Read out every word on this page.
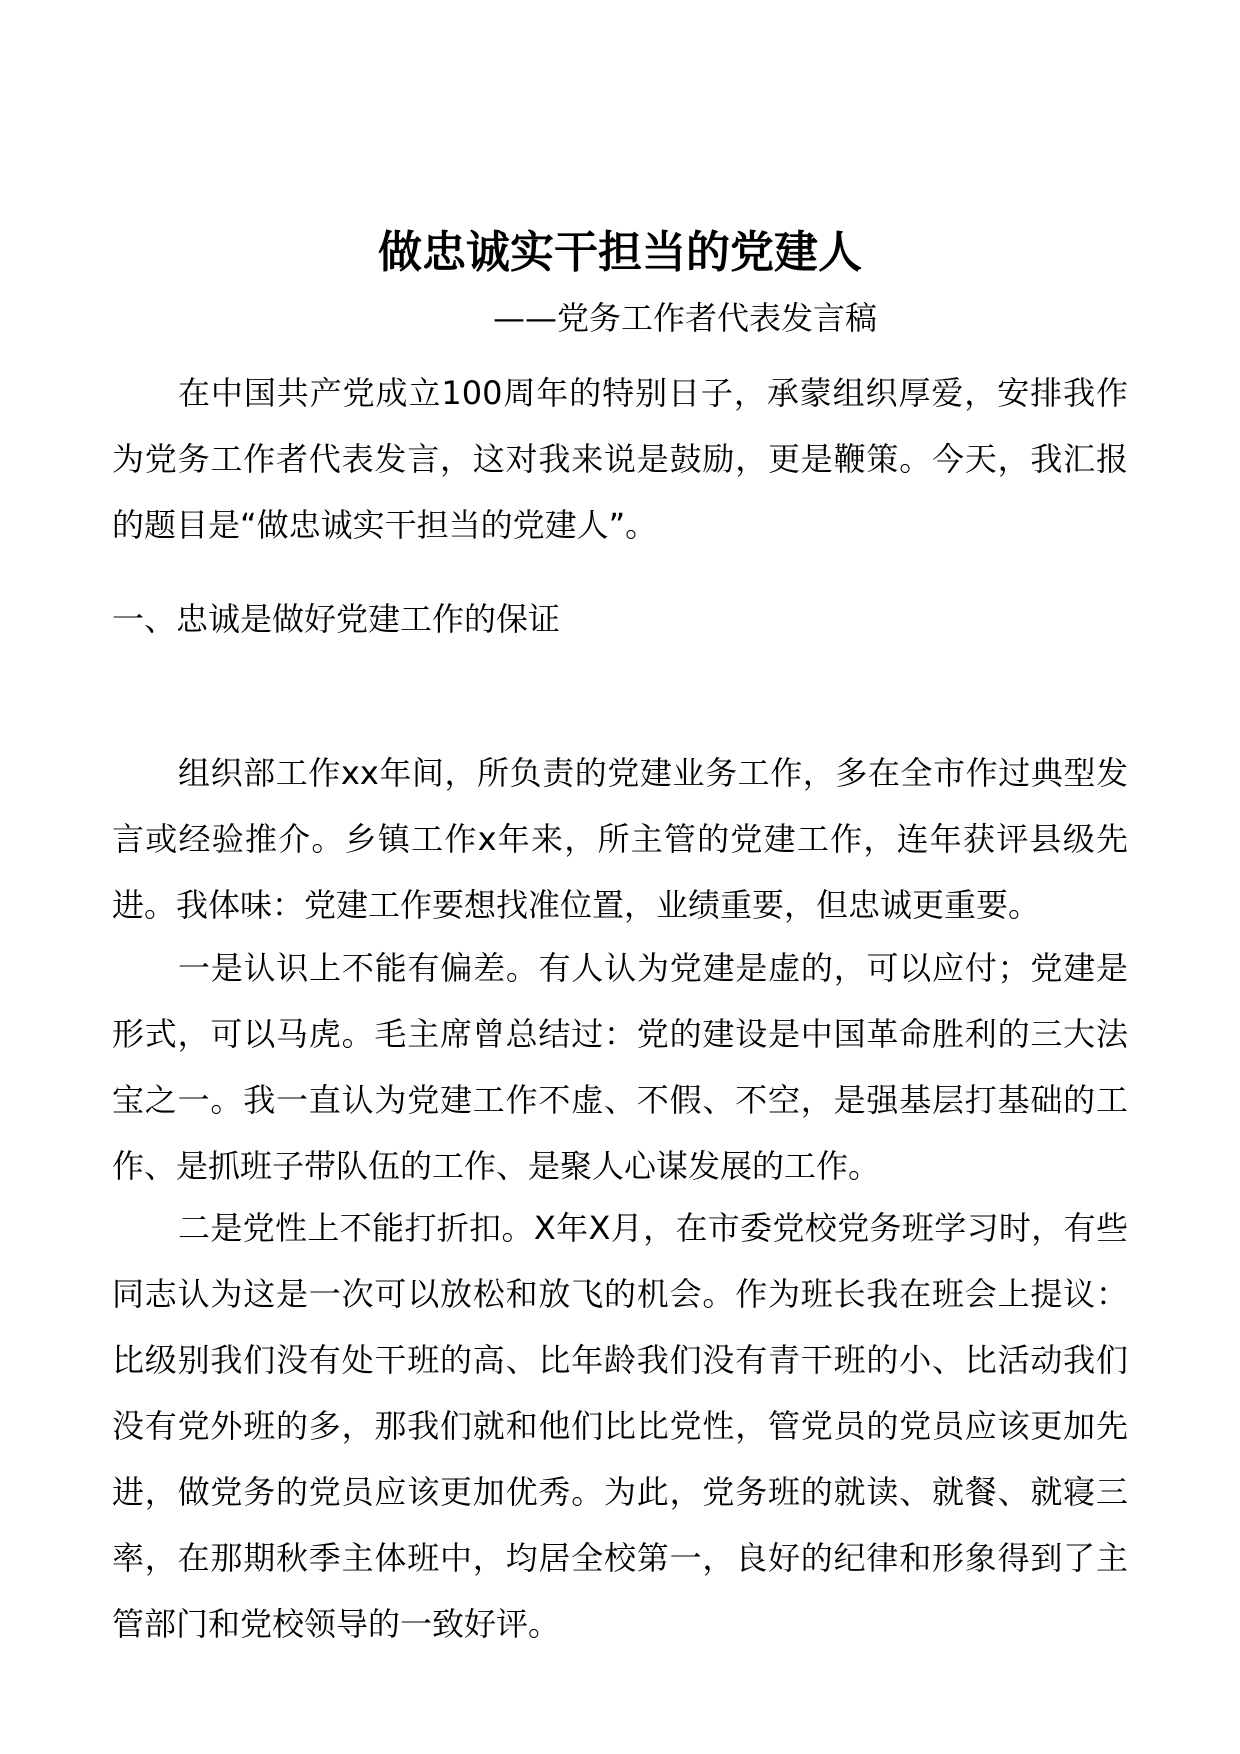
做忠诚实干担当的党建人
——党务工作者代表发言稿

在中国共产党成立100周年的特别日子，承蒙组织厚爱，安排我作为党务工作者代表发言，这对我来说是鼓励，更是鞭策。今天，我汇报的题目是“做忠诚实干担当的党建人”。

一、忠诚是做好党建工作的保证

组织部工作xx年间，所负责的党建业务工作，多在全市作过典型发言或经验推介。乡镇工作x年来，所主管的党建工作，连年获评县级先进。我体味：党建工作要想找准位置，业绩重要，但忠诚更重要。

一是认识上不能有偏差。有人认为党建是虚的，可以应付；党建是形式，可以马虎。毛主席曾总结过：党的建设是中国革命胜利的三大法宝之一。我一直认为党建工作不虚、不假、不空，是强基层打基础的工作、是抓班子带队伍的工作、是聚人心谋发展的工作。

二是党性上不能打折扣。X年X月，在市委党校党务班学习时，有些同志认为这是一次可以放松和放飞的机会。作为班长我在班会上提议：比级别我们没有处干班的高、比年龄我们没有青干班的小、比活动我们没有党外班的多，那我们就和他们比比党性，管党员的党员应该更加先进，做党务的党员应该更加优秀。为此，党务班的就读、就餐、就寝三率，在那期秋季主体班中，均居全校第一，良好的纪律和形象得到了主管部门和党校领导的一致好评。
